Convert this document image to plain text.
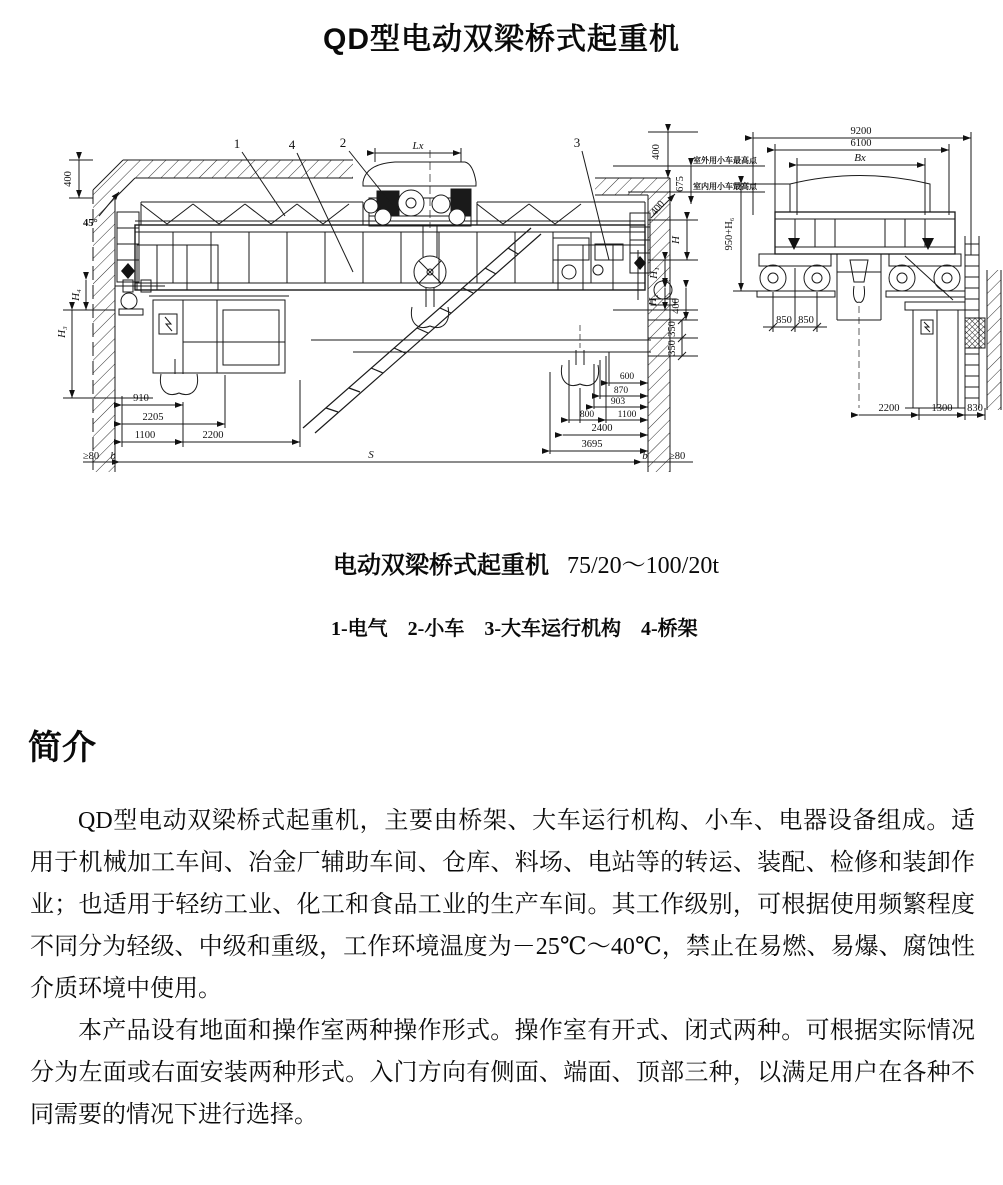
QD型电动双梁桥式起重机
400
45°
H₄
H₃
Lx	400
675
400
H
H₁
H₂ 400
350
350
室外用小车最高点
室内用小车最高点
910
2205
1100	2200
600
870
903
800 1100
2400
3695
S
b	b
≥80	≥80
1	4	2	3
9200
6100
Bx
950+H₆
850 850
2200	1300 830
电动双梁桥式起重机 75/20～100/20t
1-电气　2-小车　3-大车运行机构　4-桥架
简介

QD型电动双梁桥式起重机，主要由桥架、大车运行机构、小车、电器设备组成。适用于机械加工车间、冶金厂辅助车间、仓库、料场、电站等的转运、装配、检修和装卸作业；也适用于轻纺工业、化工和食品工业的生产车间。其工作级别，可根据使用频繁程度不同分为轻级、中级和重级，工作环境温度为－25℃～40℃，禁止在易燃、易爆、腐蚀性介质环境中使用。

本产品设有地面和操作室两种操作形式。操作室有开式、闭式两种。可根据实际情况分为左面或右面安装两种形式。入门方向有侧面、端面、顶部三种，以满足用户在各种不同需要的情况下进行选择。
